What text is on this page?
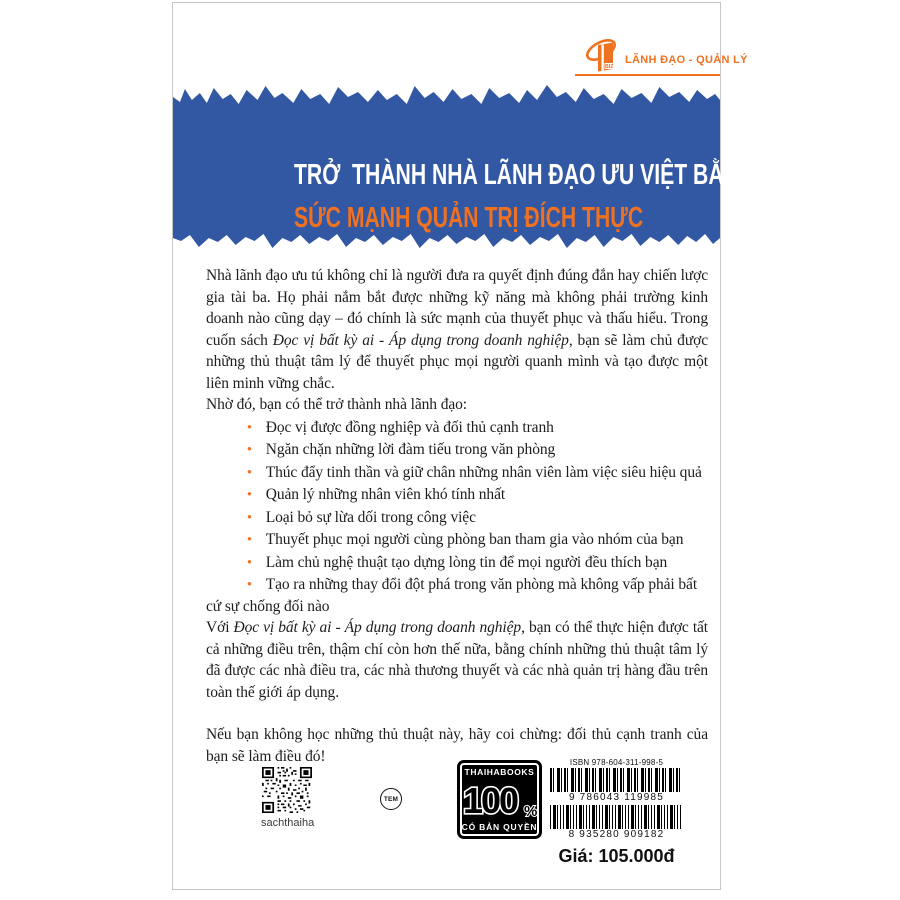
BIZ
LÃNH ĐẠO - QUẢN LÝ

TRỞ  THÀNH NHÀ LÃNH ĐẠO ƯU VIỆT BẰNG

SỨC MẠNH QUẢN TRỊ ĐÍCH THỰC

Nhà lãnh đạo ưu tú không chỉ là người đưa ra quyết định đúng đắn hay chiến lược gia tài ba. Họ phải nắm bắt được những kỹ năng mà không phải trường kinh doanh nào cũng dạy – đó chính là sức mạnh của thuyết phục và thấu hiểu. Trong cuốn sách Đọc vị bất kỳ ai - Áp dụng trong doanh nghiệp, bạn sẽ làm chủ được những thủ thuật tâm lý để thuyết phục mọi người quanh mình và tạo được một liên minh vững chắc.

Nhờ đó, bạn có thể trở thành nhà lãnh đạo:

● Đọc vị được đồng nghiệp và đối thủ cạnh tranh
● Ngăn chặn những lời đàm tiếu trong văn phòng
● Thúc đẩy tinh thần và giữ chân những nhân viên làm việc siêu hiệu quả
● Quản lý những nhân viên khó tính nhất
● Loại bỏ sự lừa dối trong công việc
● Thuyết phục mọi người cùng phòng ban tham gia vào nhóm của bạn
● Làm chủ nghệ thuật tạo dựng lòng tin để mọi người đều thích bạn
● Tạo ra những thay đổi đột phá trong văn phòng mà không vấp phải bất cứ sự chống đối nào

Với Đọc vị bất kỳ ai - Áp dụng trong doanh nghiệp, bạn có thể thực hiện được tất cả những điều trên, thậm chí còn hơn thế nữa, bằng chính những thủ thuật tâm lý đã được các nhà điều tra, các nhà thương thuyết và các nhà quản trị hàng đầu trên toàn thế giới áp dụng.

Nếu bạn không học những thủ thuật này, hãy coi chừng: đối thủ cạnh tranh của bạn sẽ làm điều đó!

sachthaiha
TEM
THAIHABOOKS
100 %
CÓ BẢN QUYỀN
ISBN 978-604-311-998-5
9 786043 119985
8 935280 909182
Giá: 105.000đ
